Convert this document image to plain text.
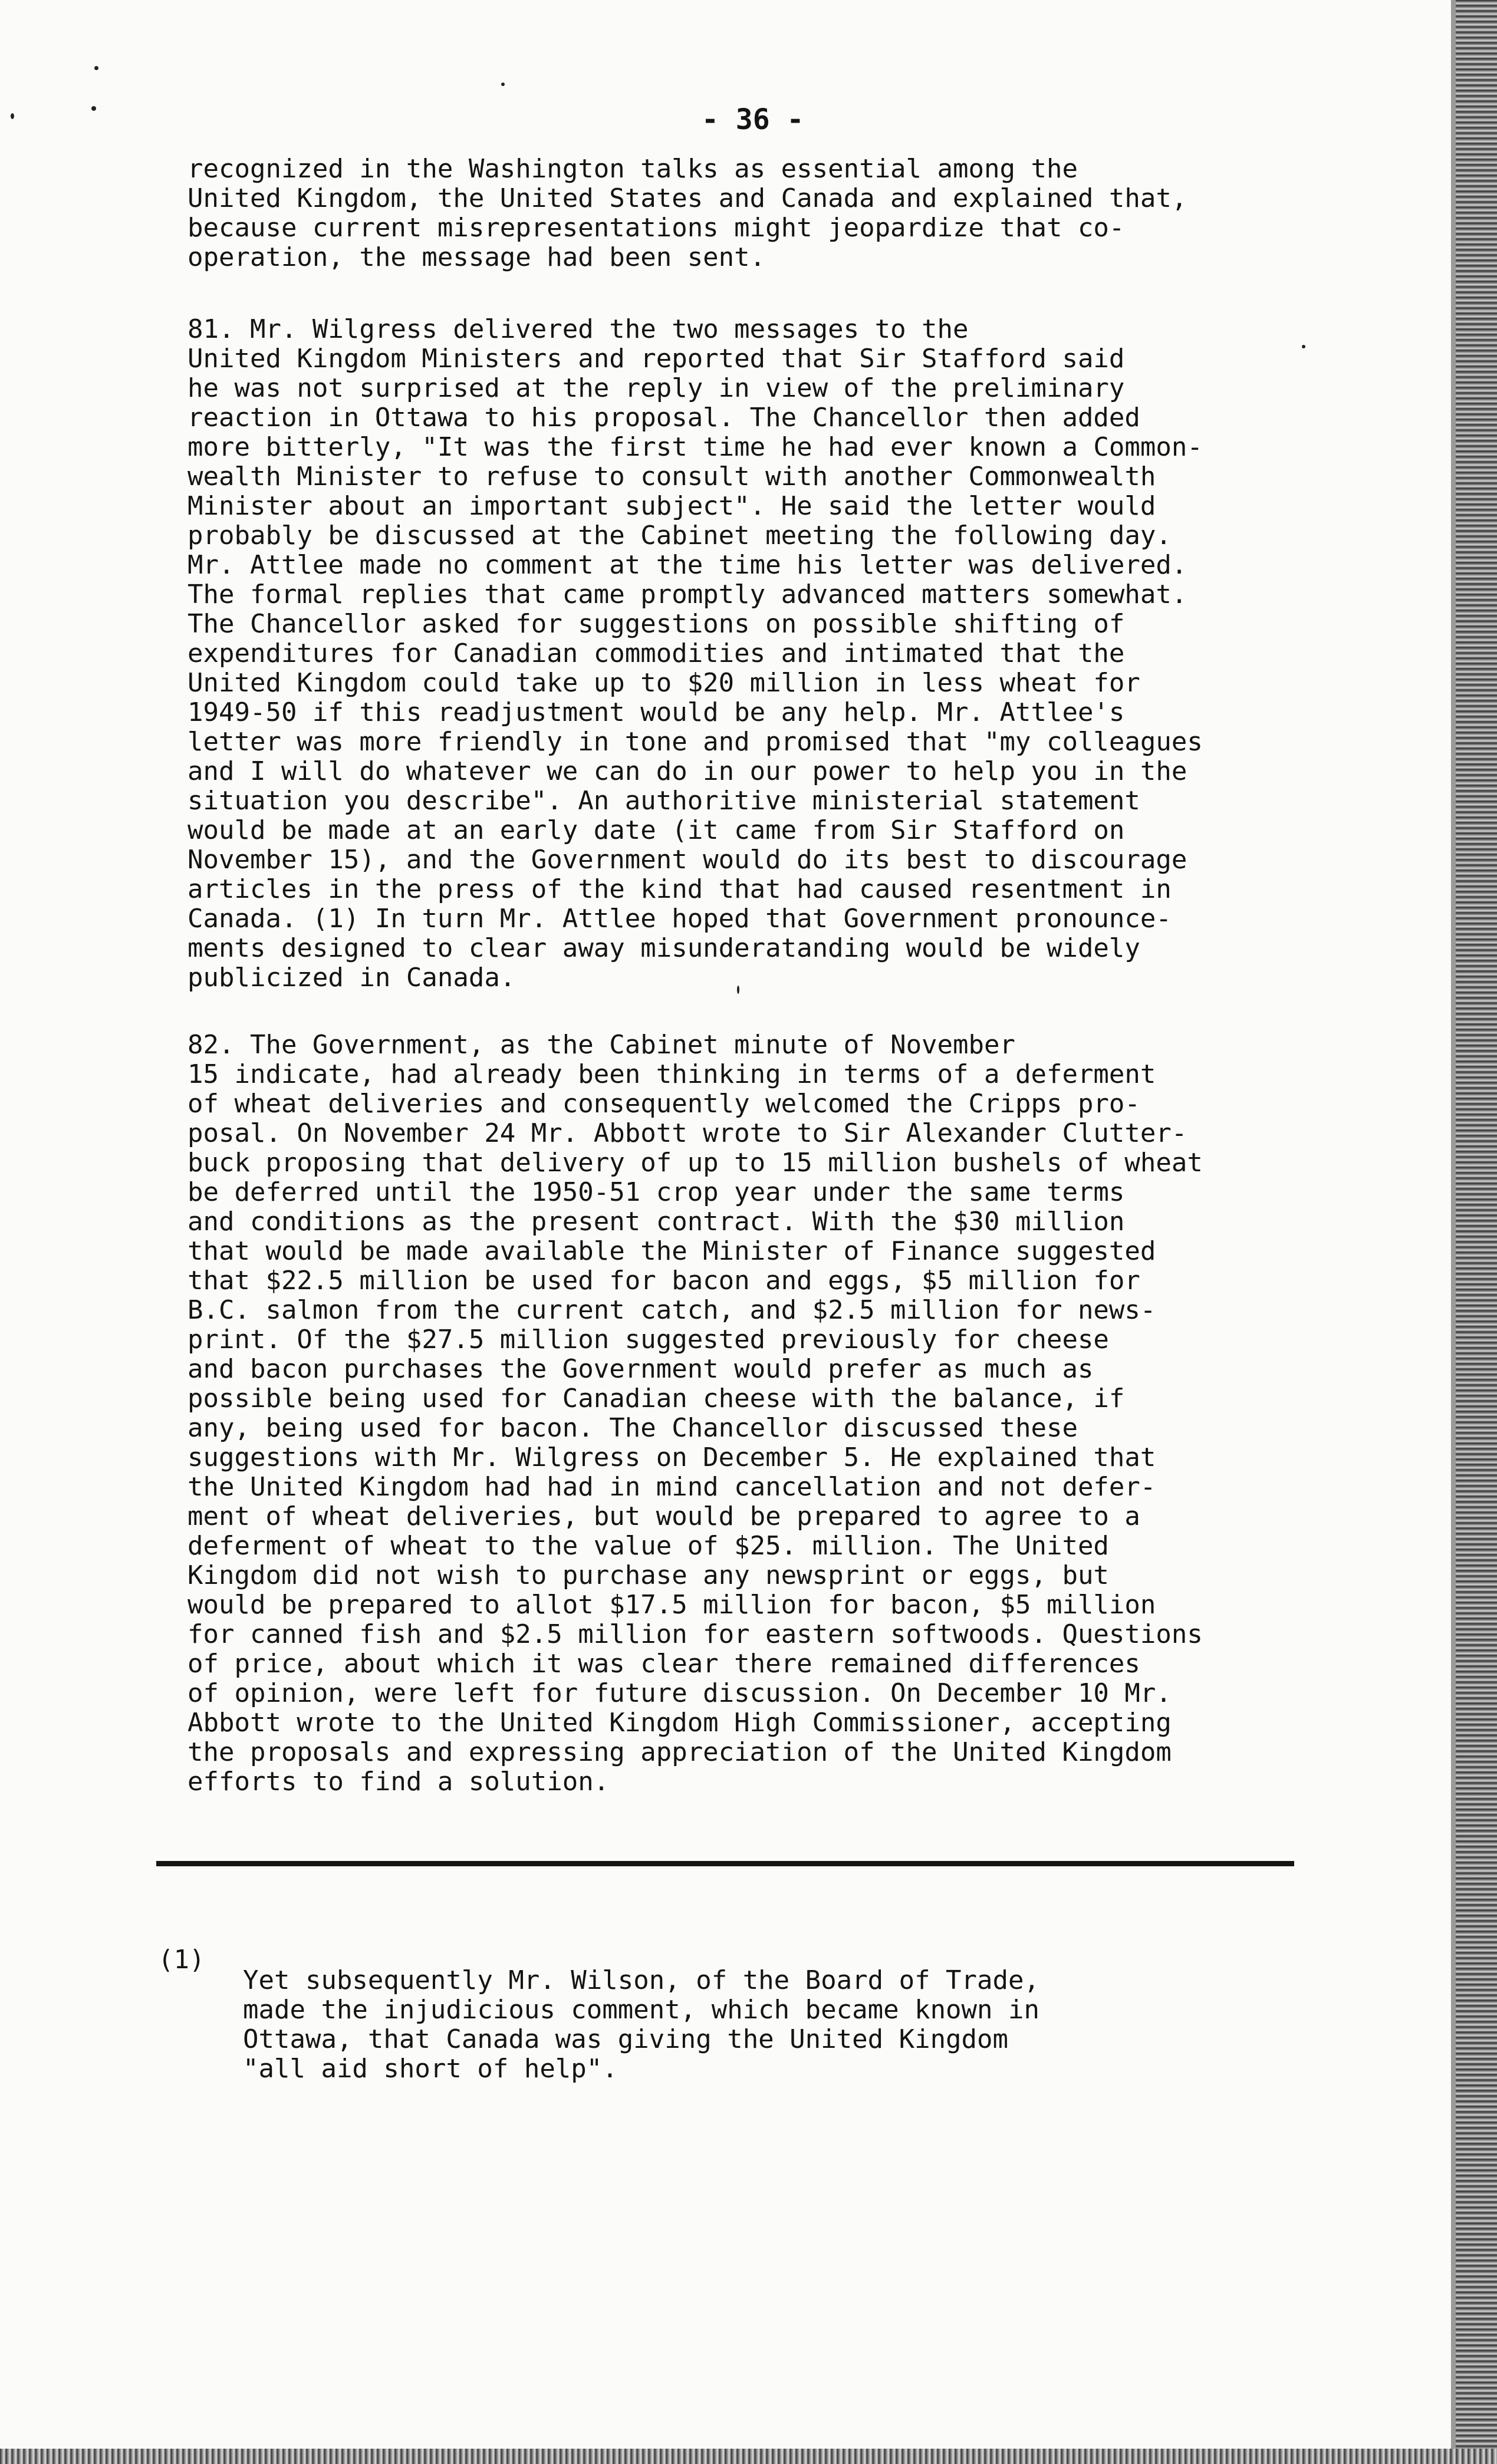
- 36 -
recognized in the Washington talks as essential among the
United Kingdom, the United States and Canada and explained that,
because current misrepresentations might jeopardize that co-
operation, the message had been sent.
81. Mr. Wilgress delivered the two messages to the
United Kingdom Ministers and reported that Sir Stafford said
he was not surprised at the reply in view of the preliminary
reaction in Ottawa to his proposal. The Chancellor then added
more bitterly, "It was the first time he had ever known a Common-
wealth Minister to refuse to consult with another Commonwealth
Minister about an important subject". He said the letter would
probably be discussed at the Cabinet meeting the following day.
Mr. Attlee made no comment at the time his letter was delivered.
The formal replies that came promptly advanced matters somewhat.
The Chancellor asked for suggestions on possible shifting of
expenditures for Canadian commodities and intimated that the
United Kingdom could take up to $20 million in less wheat for
1949-50 if this readjustment would be any help. Mr. Attlee's
letter was more friendly in tone and promised that "my colleagues
and I will do whatever we can do in our power to help you in the
situation you describe". An authoritive ministerial statement
would be made at an early date (it came from Sir Stafford on
November 15), and the Government would do its best to discourage
articles in the press of the kind that had caused resentment in
Canada. (1) In turn Mr. Attlee hoped that Government pronounce-
ments designed to clear away misunderatanding would be widely
publicized in Canada.
82. The Government, as the Cabinet minute of November
15 indicate, had already been thinking in terms of a deferment
of wheat deliveries and consequently welcomed the Cripps pro-
posal. On November 24 Mr. Abbott wrote to Sir Alexander Clutter-
buck proposing that delivery of up to 15 million bushels of wheat
be deferred until the 1950-51 crop year under the same terms
and conditions as the present contract. With the $30 million
that would be made available the Minister of Finance suggested
that $22.5 million be used for bacon and eggs, $5 million for
B.C. salmon from the current catch, and $2.5 million for news-
print. Of the $27.5 million suggested previously for cheese
and bacon purchases the Government would prefer as much as
possible being used for Canadian cheese with the balance, if
any, being used for bacon. The Chancellor discussed these
suggestions with Mr. Wilgress on December 5. He explained that
the United Kingdom had had in mind cancellation and not defer-
ment of wheat deliveries, but would be prepared to agree to a
deferment of wheat to the value of $25. million. The United
Kingdom did not wish to purchase any newsprint or eggs, but
would be prepared to allot $17.5 million for bacon, $5 million
for canned fish and $2.5 million for eastern softwoods. Questions
of price, about which it was clear there remained differences
of opinion, were left for future discussion. On December 10 Mr.
Abbott wrote to the United Kingdom High Commissioner, accepting
the proposals and expressing appreciation of the United Kingdom
efforts to find a solution.
(1)
Yet subsequently Mr. Wilson, of the Board of Trade,
made the injudicious comment, which became known in
Ottawa, that Canada was giving the United Kingdom
"all aid short of help".
